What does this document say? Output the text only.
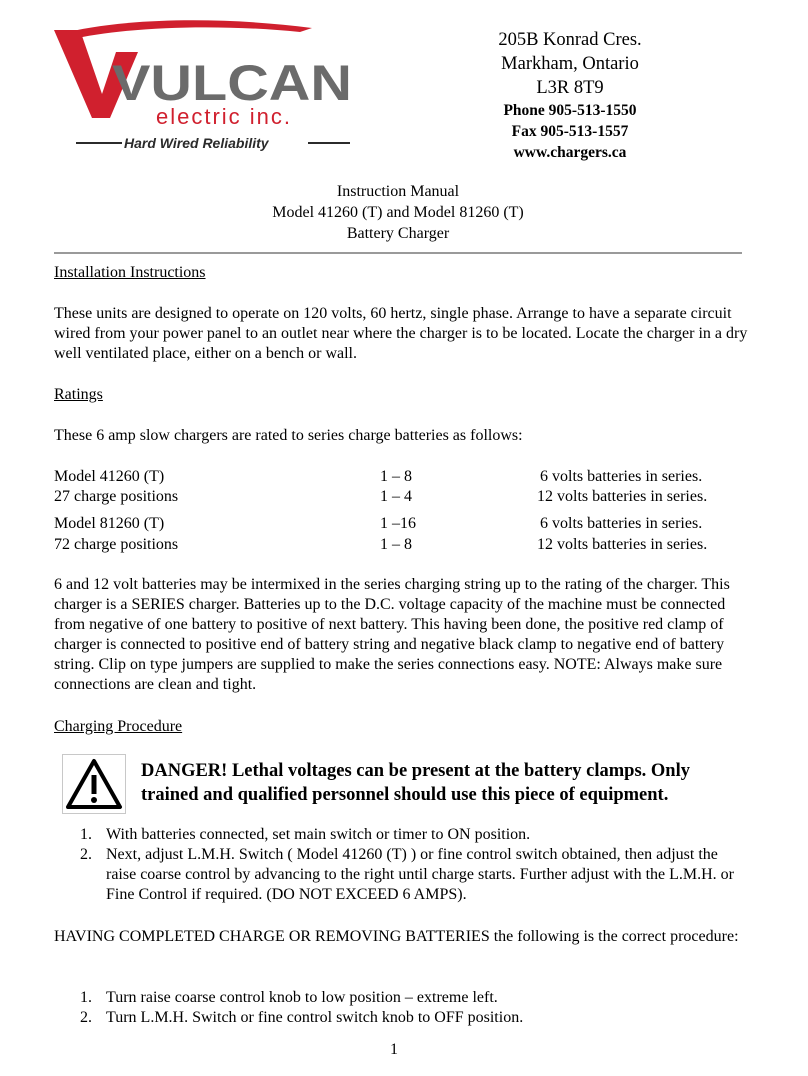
VULCAN
electric inc.
Hard Wired Reliability
205B Konrad Cres.
Markham, Ontario
L3R 8T9
Phone 905-513-1550
Fax 905-513-1557
www.chargers.ca
Instruction Manual
Model 41260 (T) and Model 81260 (T)
Battery Charger
Installation Instructions
These units are designed to operate on 120 volts, 60 hertz, single phase. Arrange to have a separate circuit wired from your power panel to an outlet near where the charger is to be located. Locate the charger in a dry well ventilated place, either on a bench or wall.
Ratings
These 6 amp slow chargers are rated to series charge batteries as follows:
Model 41260 (T)	1 – 8	6 volts batteries in series.
27 charge positions	1 – 4	12 volts batteries in series.
Model 81260 (T)	1 –16	6 volts batteries in series.
72 charge positions	1 – 8	12 volts batteries in series.
6 and 12 volt batteries may be intermixed in the series charging string up to the rating of the charger. This charger is a SERIES charger. Batteries up to the D.C. voltage capacity of the machine must be connected from negative of one battery to positive of next battery. This having been done, the positive red clamp of charger is connected to positive end of battery string and negative black clamp to negative end of battery string. Clip on type jumpers are supplied to make the series connections easy. NOTE: Always make sure connections are clean and tight.
Charging Procedure
DANGER! Lethal voltages can be present at the battery clamps. Only
trained and qualified personnel should use this piece of equipment.
1. With batteries connected, set main switch or timer to ON position.
2. Next, adjust L.M.H. Switch ( Model 41260 (T) ) or fine control switch obtained, then adjust the raise coarse control by advancing to the right until charge starts. Further adjust with the L.M.H. or Fine Control if required. (DO NOT EXCEED 6 AMPS).
HAVING COMPLETED CHARGE OR REMOVING BATTERIES the following is the correct procedure:
1. Turn raise coarse control knob to low position – extreme left.
2. Turn L.M.H. Switch or fine control switch knob to OFF position.
1
